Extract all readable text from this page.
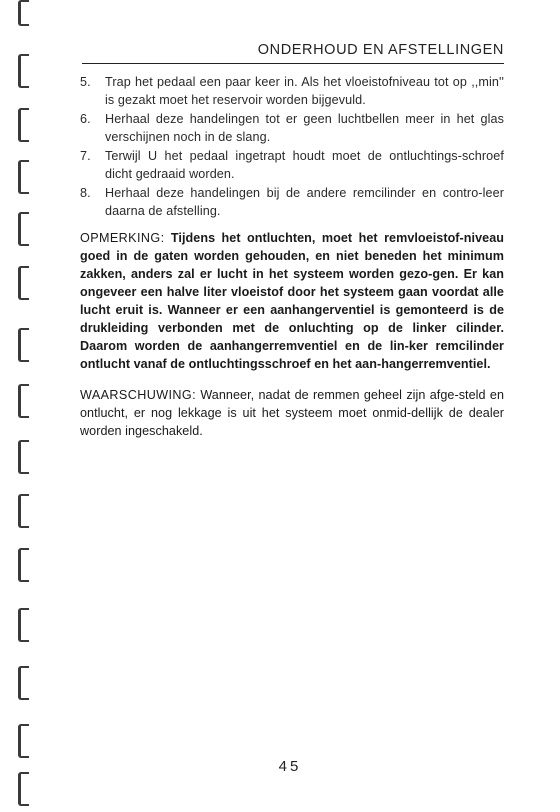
ONDERHOUD EN AFSTELLINGEN
5. Trap het pedaal een paar keer in. Als het vloeistofniveau tot op ,,min'' is gezakt moet het reservoir worden bijgevuld.
6. Herhaal deze handelingen tot er geen luchtbellen meer in het glas verschijnen noch in de slang.
7. Terwijl U het pedaal ingetrapt houdt moet de ontluchtings-schroef dicht gedraaid worden.
8. Herhaal deze handelingen bij de andere remcilinder en contro-leer daarna de afstelling.

OPMERKING: Tijdens het ontluchten, moet het remvloeistof-niveau goed in de gaten worden gehouden, en niet beneden het minimum zakken, anders zal er lucht in het systeem worden gezo-gen. Er kan ongeveer een halve liter vloeistof door het systeem gaan voordat alle lucht eruit is. Wanneer er een aanhangerventiel is gemonteerd is de drukleiding verbonden met de onluchting op de linker cilinder. Daarom worden de aanhangerremventiel en de lin-ker remcilinder ontlucht vanaf de ontluchtingsschroef en het aan-hangerremventiel.

WAARSCHUWING: Wanneer, nadat de remmen geheel zijn afge-steld en ontlucht, er nog lekkage is uit het systeem moet onmid-dellijk de dealer worden ingeschakeld.

45
